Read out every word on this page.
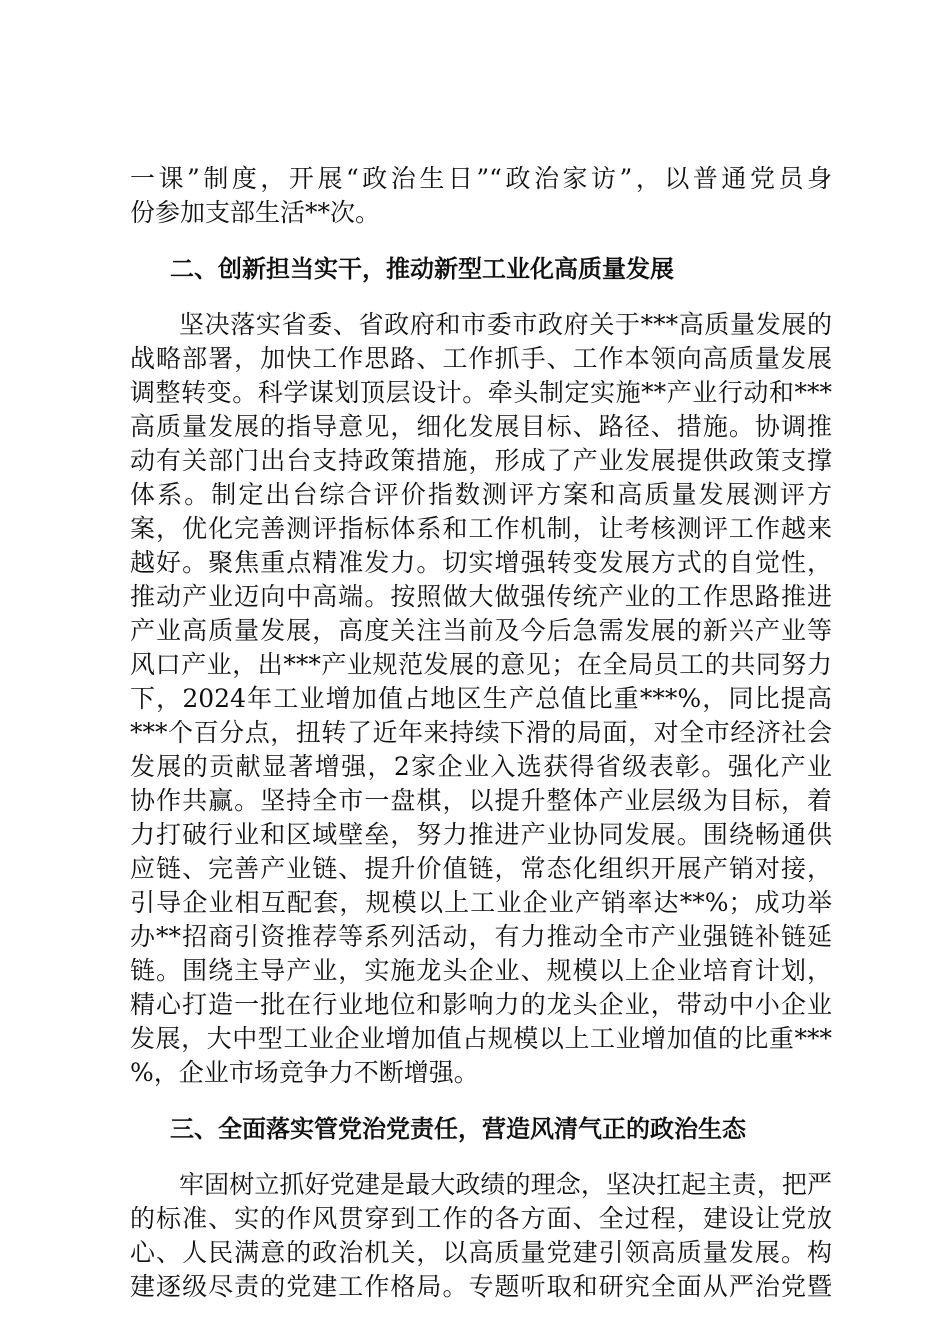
一课”制度，开展“政治生日”“政治家访”，以普通党员身
份参加支部生活**次。
二、创新担当实干，推动新型工业化高质量发展
坚决落实省委、省政府和市委市政府关于***高质量发展的
战略部署，加快工作思路、工作抓手、工作本领向高质量发展
调整转变。科学谋划顶层设计。牵头制定实施**产业行动和***
高质量发展的指导意见，细化发展目标、路径、措施。协调推
动有关部门出台支持政策措施，形成了产业发展提供政策支撑
体系。制定出台综合评价指数测评方案和高质量发展测评方
案，优化完善测评指标体系和工作机制，让考核测评工作越来
越好。聚焦重点精准发力。切实增强转变发展方式的自觉性，
推动产业迈向中高端。按照做大做强传统产业的工作思路推进
产业高质量发展，高度关注当前及今后急需发展的新兴产业等
风口产业，出***产业规范发展的意见；在全局员工的共同努力
下，2024年工业增加值占地区生产总值比重***%，同比提高
***个百分点，扭转了近年来持续下滑的局面，对全市经济社会
发展的贡献显著增强，2家企业入选获得省级表彰。强化产业
协作共赢。坚持全市一盘棋，以提升整体产业层级为目标，着
力打破行业和区域壁垒，努力推进产业协同发展。围绕畅通供
应链、完善产业链、提升价值链，常态化组织开展产销对接，
引导企业相互配套，规模以上工业企业产销率达**%；成功举
办**招商引资推荐等系列活动，有力推动全市产业强链补链延
链。围绕主导产业，实施龙头企业、规模以上企业培育计划，
精心打造一批在行业地位和影响力的龙头企业，带动中小企业
发展，大中型工业企业增加值占规模以上工业增加值的比重***
%，企业市场竞争力不断增强。
三、全面落实管党治党责任，营造风清气正的政治生态
牢固树立抓好党建是最大政绩的理念，坚决扛起主责，把严
的标准、实的作风贯穿到工作的各方面、全过程，建设让党放
心、人民满意的政治机关，以高质量党建引领高质量发展。构
建逐级尽责的党建工作格局。专题听取和研究全面从严治党暨
